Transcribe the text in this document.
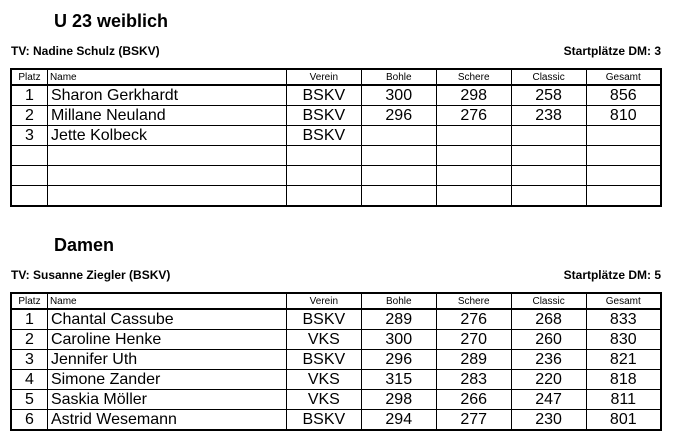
U 23 weiblich
TV: Nadine Schulz (BSKV)	Startplätze DM: 3
Platz	Name	Verein	Bohle	Schere	Classic	Gesamt
1	Sharon Gerkhardt	BSKV	300	298	258	856
2	Millane Neuland	BSKV	296	276	238	810
3	Jette Kolbeck	BSKV				

Damen
TV: Susanne Ziegler (BSKV)	Startplätze DM: 5
Platz	Name	Verein	Bohle	Schere	Classic	Gesamt
1	Chantal Cassube	BSKV	289	276	268	833
2	Caroline Henke	VKS	300	270	260	830
3	Jennifer Uth	BSKV	296	289	236	821
4	Simone Zander	VKS	315	283	220	818
5	Saskia Möller	VKS	298	266	247	811
6	Astrid Wesemann	BSKV	294	277	230	801
